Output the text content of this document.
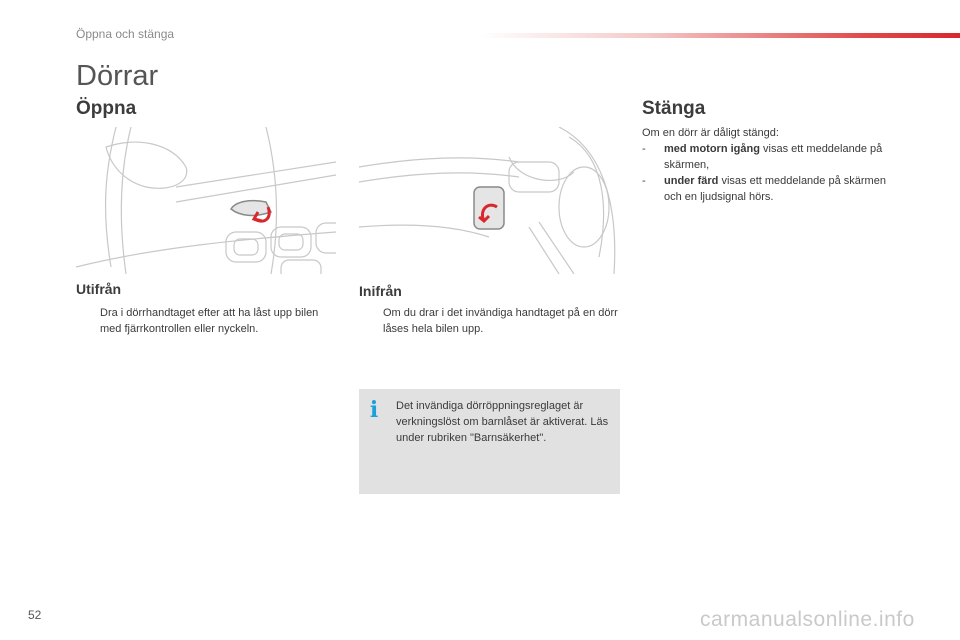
Öppna och stänga
Dörrar
Öppna
Utifrån
Dra i dörrhandtaget efter att ha låst upp bilen med fjärrkontrollen eller nyckeln.
Inifrån
Om du drar i det invändiga handtaget på en dörr låses hela bilen upp.
i Det invändiga dörröppningsreglaget är verkningslöst om barnlåset är aktiverat. Läs under rubriken "Barnsäkerhet".
Stänga
Om en dörr är dåligt stängd:
-	med motorn igång visas ett meddelande på skärmen,
-	under färd visas ett meddelande på skärmen och en ljudsignal hörs.
52	carmanualsonline.info
